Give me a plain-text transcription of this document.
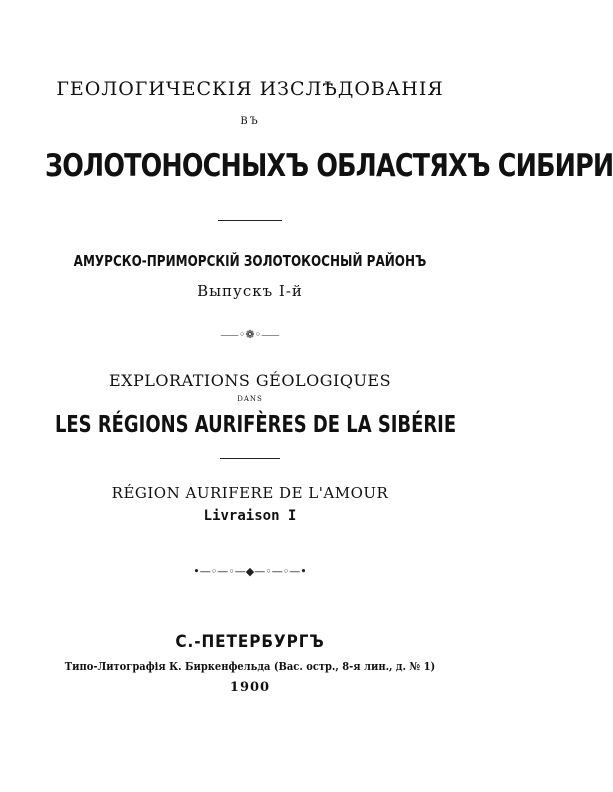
ГЕОЛОГИЧЕСКІЯ ИЗСЛѢДОВАНІЯ
ВЪ
ЗОЛОТОНОСНЫХЪ ОБЛАСТЯХЪ СИБИРИ
АМУРСКО-ПРИМОРСКІЙ ЗОЛОТОКОСНЫЙ РАЙОНЪ
Выпускъ І-й
⸺◦❁◦⸺
EXPLORATIONS GÉOLOGIQUES
DANS
LES RÉGIONS AURIFÈRES DE LA SIBÉRIE
RÉGION AURIFERE DE L'AMOUR
Livraison I
•—◦—◦—◆—◦—◦—•
С.-ПЕТЕРБУРГЪ
Типо-Литографія К. Биркенфельда (Вас. остр., 8-я лин., д. № 1)
1900
